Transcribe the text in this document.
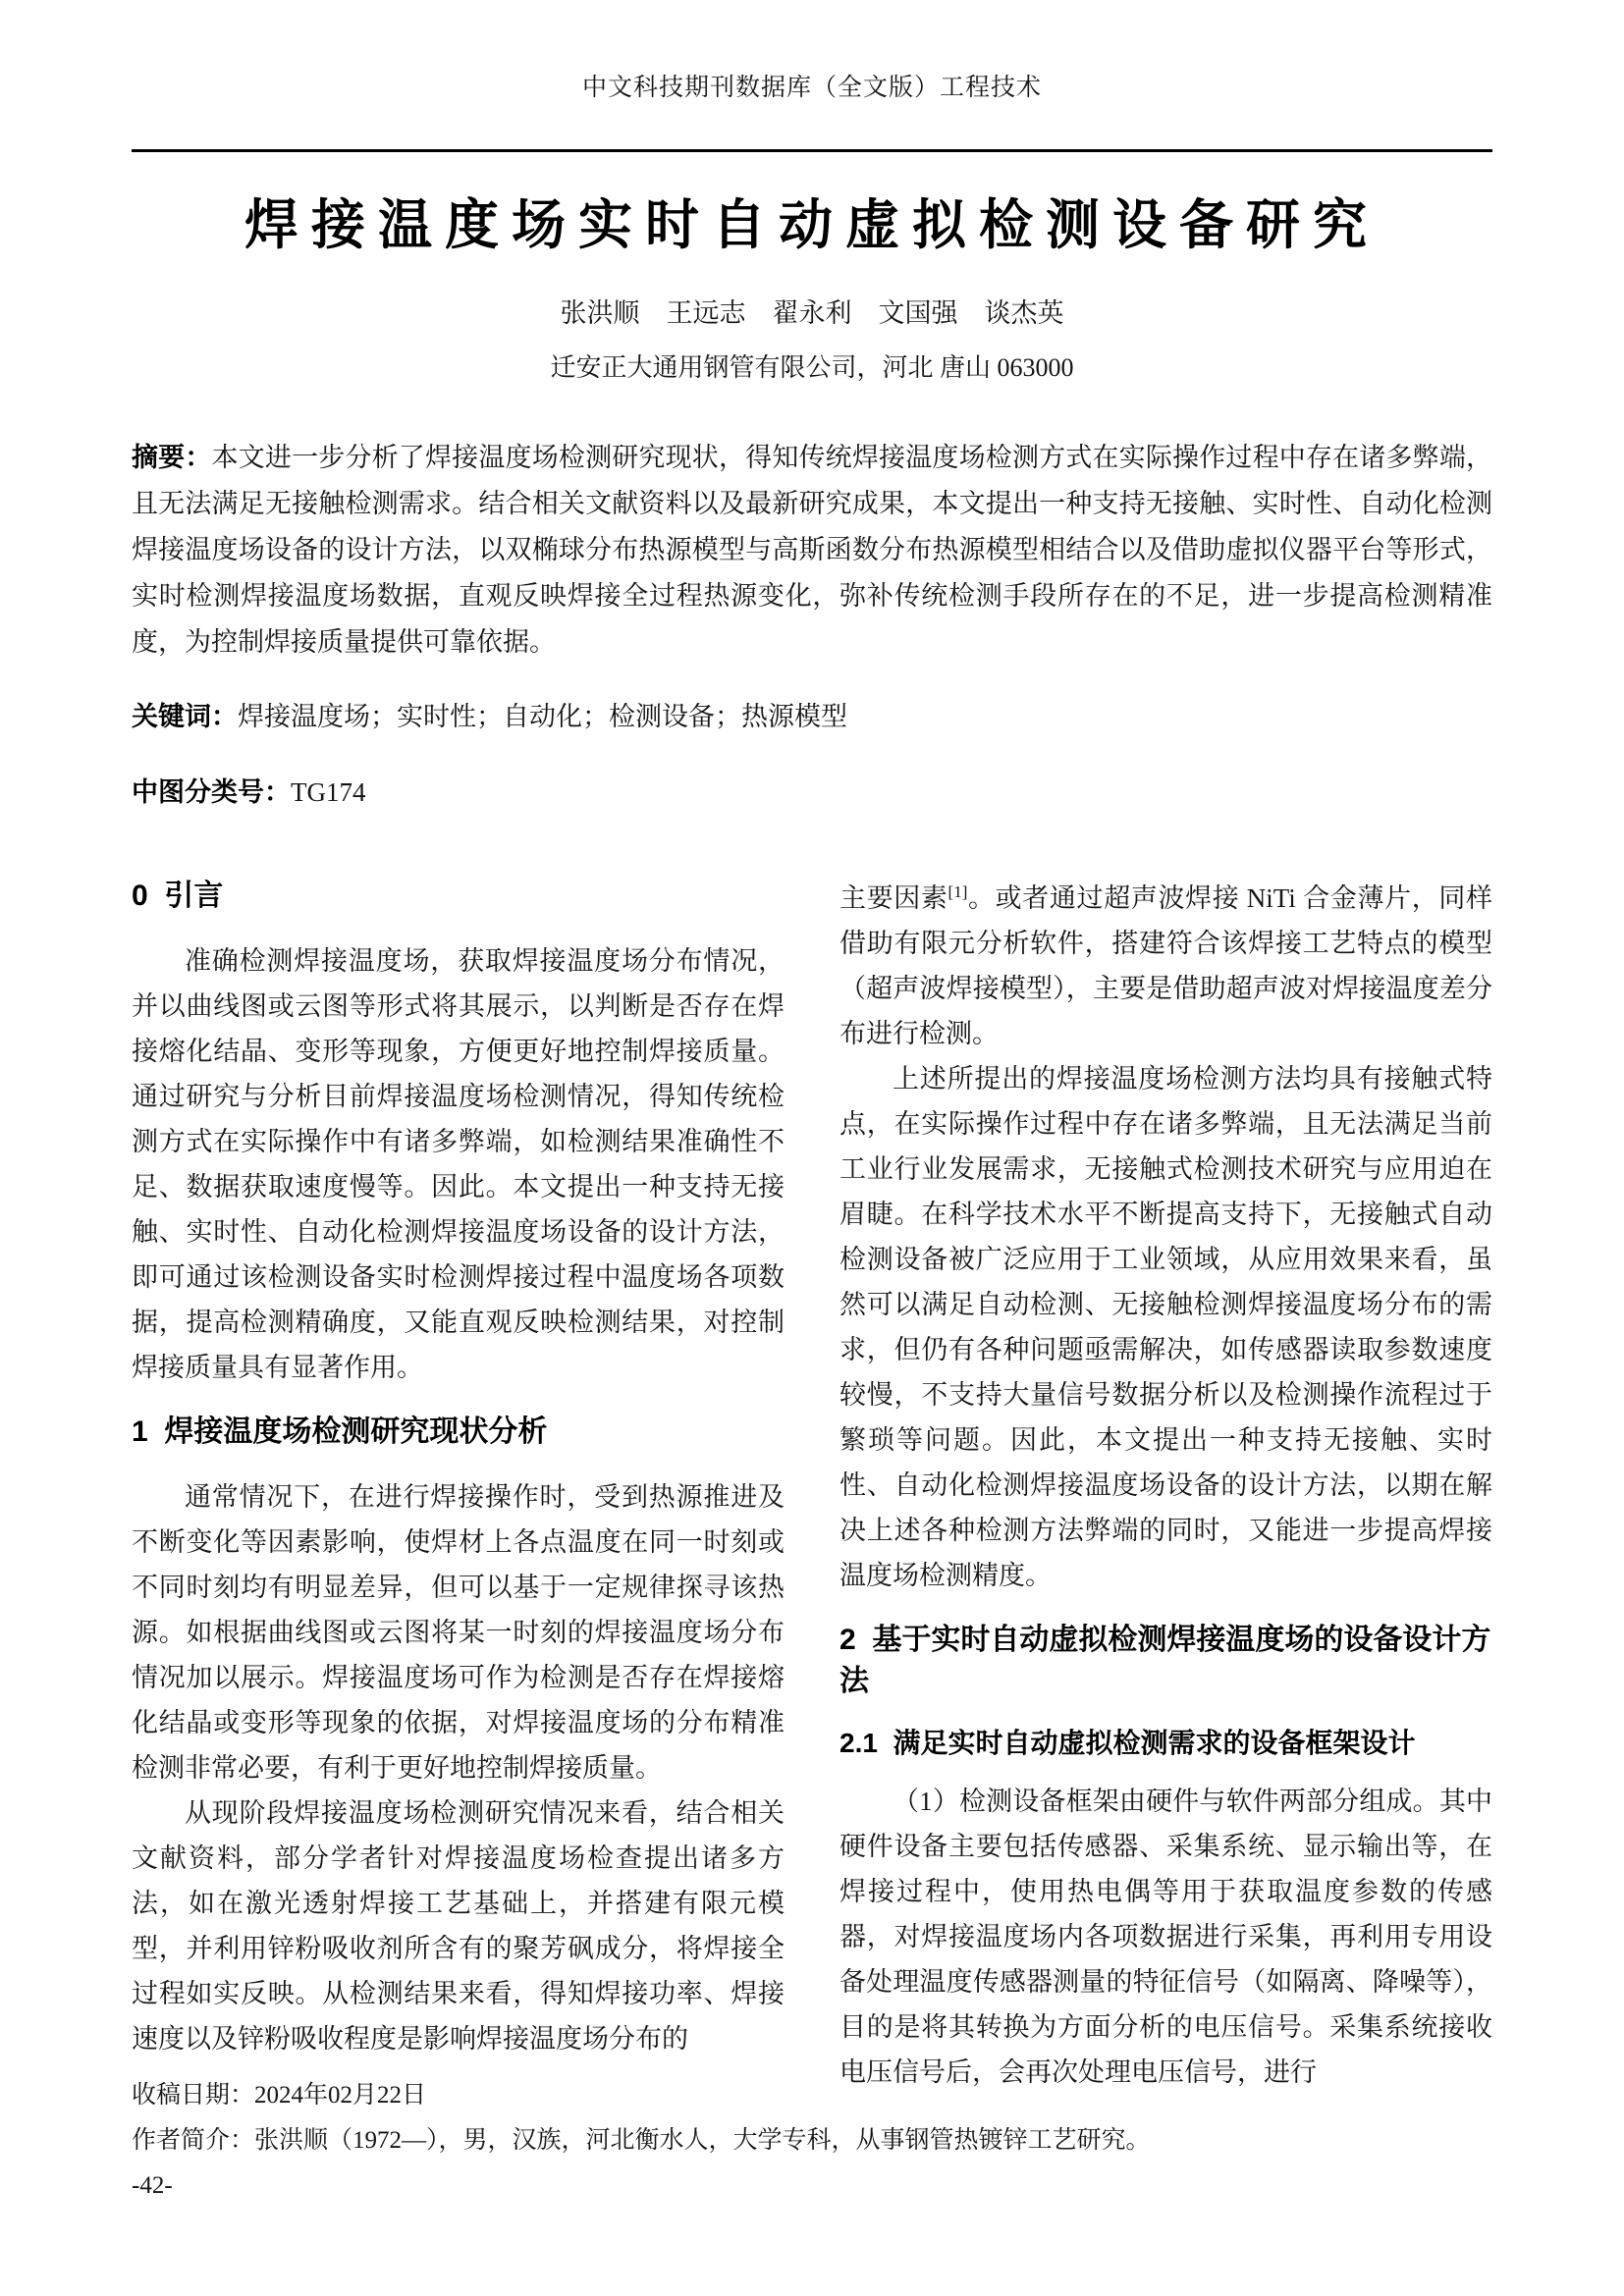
中文科技期刊数据库（全文版）工程技术
焊接温度场实时自动虚拟检测设备研究
张洪顺　王远志　翟永利　文国强　谈杰英
迁安正大通用钢管有限公司，河北 唐山 063000

摘要：本文进一步分析了焊接温度场检测研究现状，得知传统焊接温度场检测方式在实际操作过程中存在诸多弊端，且无法满足无接触检测需求。结合相关文献资料以及最新研究成果，本文提出一种支持无接触、实时性、自动化检测焊接温度场设备的设计方法，以双椭球分布热源模型与高斯函数分布热源模型相结合以及借助虚拟仪器平台等形式，实时检测焊接温度场数据，直观反映焊接全过程热源变化，弥补传统检测手段所存在的不足，进一步提高检测精准度，为控制焊接质量提供可靠依据。

关键词：焊接温度场；实时性；自动化；检测设备；热源模型

中图分类号：TG174

0  引言

准确检测焊接温度场，获取焊接温度场分布情况，并以曲线图或云图等形式将其展示，以判断是否存在焊接熔化结晶、变形等现象，方便更好地控制焊接质量。通过研究与分析目前焊接温度场检测情况，得知传统检测方式在实际操作中有诸多弊端，如检测结果准确性不足、数据获取速度慢等。因此。本文提出一种支持无接触、实时性、自动化检测焊接温度场设备的设计方法，即可通过该检测设备实时检测焊接过程中温度场各项数据，提高检测精确度，又能直观反映检测结果，对控制焊接质量具有显著作用。

1  焊接温度场检测研究现状分析

通常情况下，在进行焊接操作时，受到热源推进及不断变化等因素影响，使焊材上各点温度在同一时刻或不同时刻均有明显差异，但可以基于一定规律探寻该热源。如根据曲线图或云图将某一时刻的焊接温度场分布情况加以展示。焊接温度场可作为检测是否存在焊接熔化结晶或变形等现象的依据，对焊接温度场的分布精准检测非常必要，有利于更好地控制焊接质量。

从现阶段焊接温度场检测研究情况来看，结合相关文献资料，部分学者针对焊接温度场检查提出诸多方法，如在激光透射焊接工艺基础上，并搭建有限元模型，并利用锌粉吸收剂所含有的聚芳砜成分，将焊接全过程如实反映。从检测结果来看，得知焊接功率、焊接速度以及锌粉吸收程度是影响焊接温度场分布的

主要因素[1]。或者通过超声波焊接 NiTi 合金薄片，同样借助有限元分析软件，搭建符合该焊接工艺特点的模型（超声波焊接模型），主要是借助超声波对焊接温度差分布进行检测。

上述所提出的焊接温度场检测方法均具有接触式特点，在实际操作过程中存在诸多弊端，且无法满足当前工业行业发展需求，无接触式检测技术研究与应用迫在眉睫。在科学技术水平不断提高支持下，无接触式自动检测设备被广泛应用于工业领域，从应用效果来看，虽然可以满足自动检测、无接触检测焊接温度场分布的需求，但仍有各种问题亟需解决，如传感器读取参数速度较慢，不支持大量信号数据分析以及检测操作流程过于繁琐等问题。因此，本文提出一种支持无接触、实时性、自动化检测焊接温度场设备的设计方法，以期在解决上述各种检测方法弊端的同时，又能进一步提高焊接温度场检测精度。

2  基于实时自动虚拟检测焊接温度场的设备设计方法
2.1  满足实时自动虚拟检测需求的设备框架设计

（1）检测设备框架由硬件与软件两部分组成。其中硬件设备主要包括传感器、采集系统、显示输出等，在焊接过程中，使用热电偶等用于获取温度参数的传感器，对焊接温度场内各项数据进行采集，再利用专用设备处理温度传感器测量的特征信号（如隔离、降噪等），目的是将其转换为方面分析的电压信号。采集系统接收电压信号后，会再次处理电压信号，进行

收稿日期：2024年02月22日
作者简介：张洪顺（1972—），男，汉族，河北衡水人，大学专科，从事钢管热镀锌工艺研究。
-42-
